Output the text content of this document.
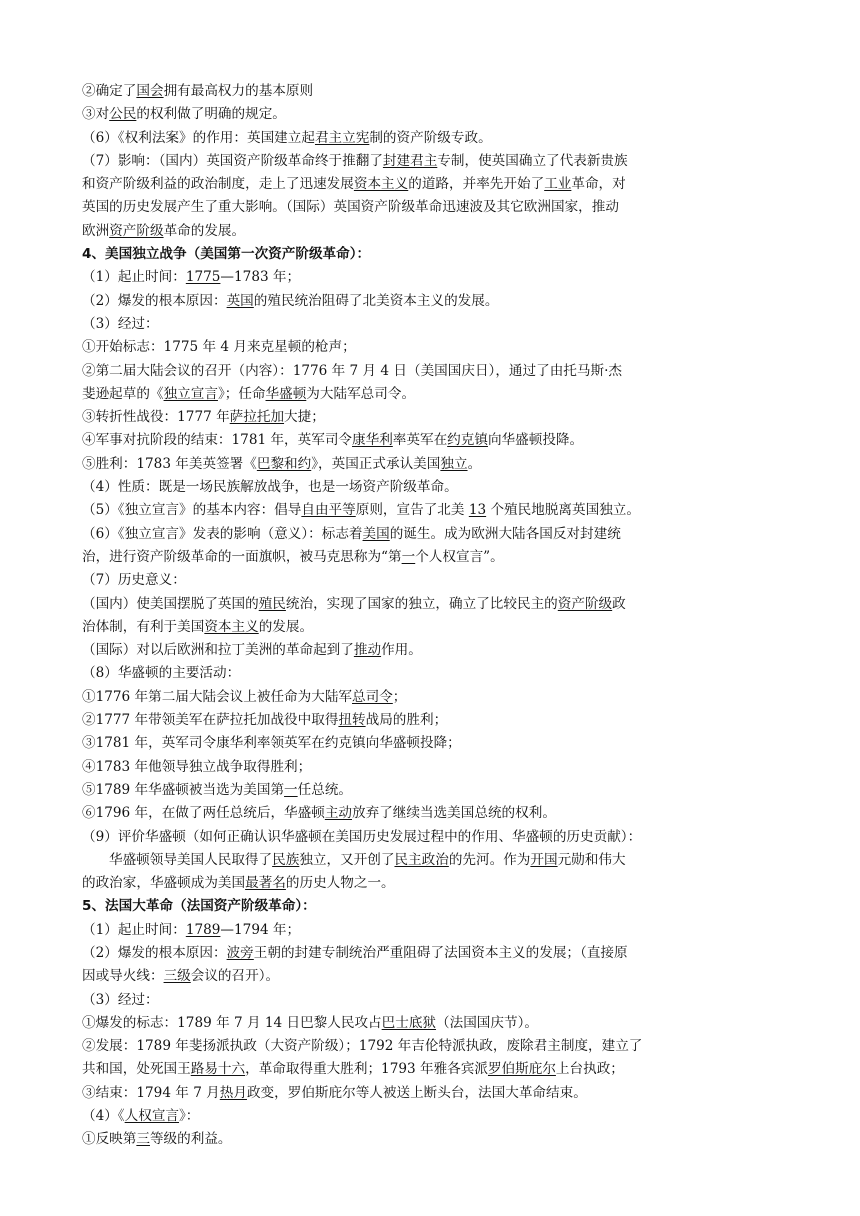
②确定了国会拥有最高权力的基本原则
③对公民的权利做了明确的规定。
（6）《权利法案》的作用：英国建立起君主立宪制的资产阶级专政。
（7）影响：（国内）英国资产阶级革命终于推翻了封建君主专制，使英国确立了代表新贵族
和资产阶级利益的政治制度，走上了迅速发展资本主义的道路，并率先开始了工业革命，对
英国的历史发展产生了重大影响。（国际）英国资产阶级革命迅速波及其它欧洲国家，推动
欧洲资产阶级革命的发展。
4、美国独立战争（美国第一次资产阶级革命）：
（1）起止时间：1775—1783 年；
（2）爆发的根本原因：英国的殖民统治阻碍了北美资本主义的发展。
（3）经过：
①开始标志：1775 年 4 月来克星顿的枪声；
②第二届大陆会议的召开（内容）：1776 年 7 月 4 日（美国国庆日），通过了由托马斯·杰
斐逊起草的《独立宣言》；任命华盛顿为大陆军总司令。
③转折性战役：1777 年萨拉托加大捷；
④军事对抗阶段的结束：1781 年，英军司令康华利率英军在约克镇向华盛顿投降。
⑤胜利：1783 年美英签署《巴黎和约》，英国正式承认美国独立。
（4）性质：既是一场民族解放战争，也是一场资产阶级革命。
（5）《独立宣言》的基本内容：倡导自由平等原则，宣告了北美 13 个殖民地脱离英国独立。
（6）《独立宣言》发表的影响（意义）：标志着美国的诞生。成为欧洲大陆各国反对封建统
治，进行资产阶级革命的一面旗帜，被马克思称为“第一个人权宣言”。
（7）历史意义：
（国内）使美国摆脱了英国的殖民统治，实现了国家的独立，确立了比较民主的资产阶级政
治体制，有利于美国资本主义的发展。
（国际）对以后欧洲和拉丁美洲的革命起到了推动作用。
（8）华盛顿的主要活动：
①1776 年第二届大陆会议上被任命为大陆军总司令；
②1777 年带领美军在萨拉托加战役中取得扭转战局的胜利；
③1781 年，英军司令康华利率领英军在约克镇向华盛顿投降；
④1783 年他领导独立战争取得胜利；
⑤1789 年华盛顿被当选为美国第一任总统。
⑥1796 年，在做了两任总统后，华盛顿主动放弃了继续当选美国总统的权利。
（9）评价华盛顿（如何正确认识华盛顿在美国历史发展过程中的作用、华盛顿的历史贡献）：
华盛顿领导美国人民取得了民族独立，又开创了民主政治的先河。作为开国元勋和伟大
的政治家，华盛顿成为美国最著名的历史人物之一。
5、法国大革命（法国资产阶级革命）：
（1）起止时间：1789—1794 年；
（2）爆发的根本原因：波旁王朝的封建专制统治严重阻碍了法国资本主义的发展；（直接原
因或导火线：三级会议的召开）。
（3）经过：
①爆发的标志：1789 年 7 月 14 日巴黎人民攻占巴士底狱（法国国庆节）。
②发展：1789 年斐扬派执政（大资产阶级）；1792 年吉伦特派执政，废除君主制度，建立了
共和国，处死国王路易十六，革命取得重大胜利；1793 年雅各宾派罗伯斯庇尔上台执政；
③结束：1794 年 7 月热月政变，罗伯斯庇尔等人被送上断头台，法国大革命结束。
（4）《人权宣言》：
①反映第三等级的利益。
